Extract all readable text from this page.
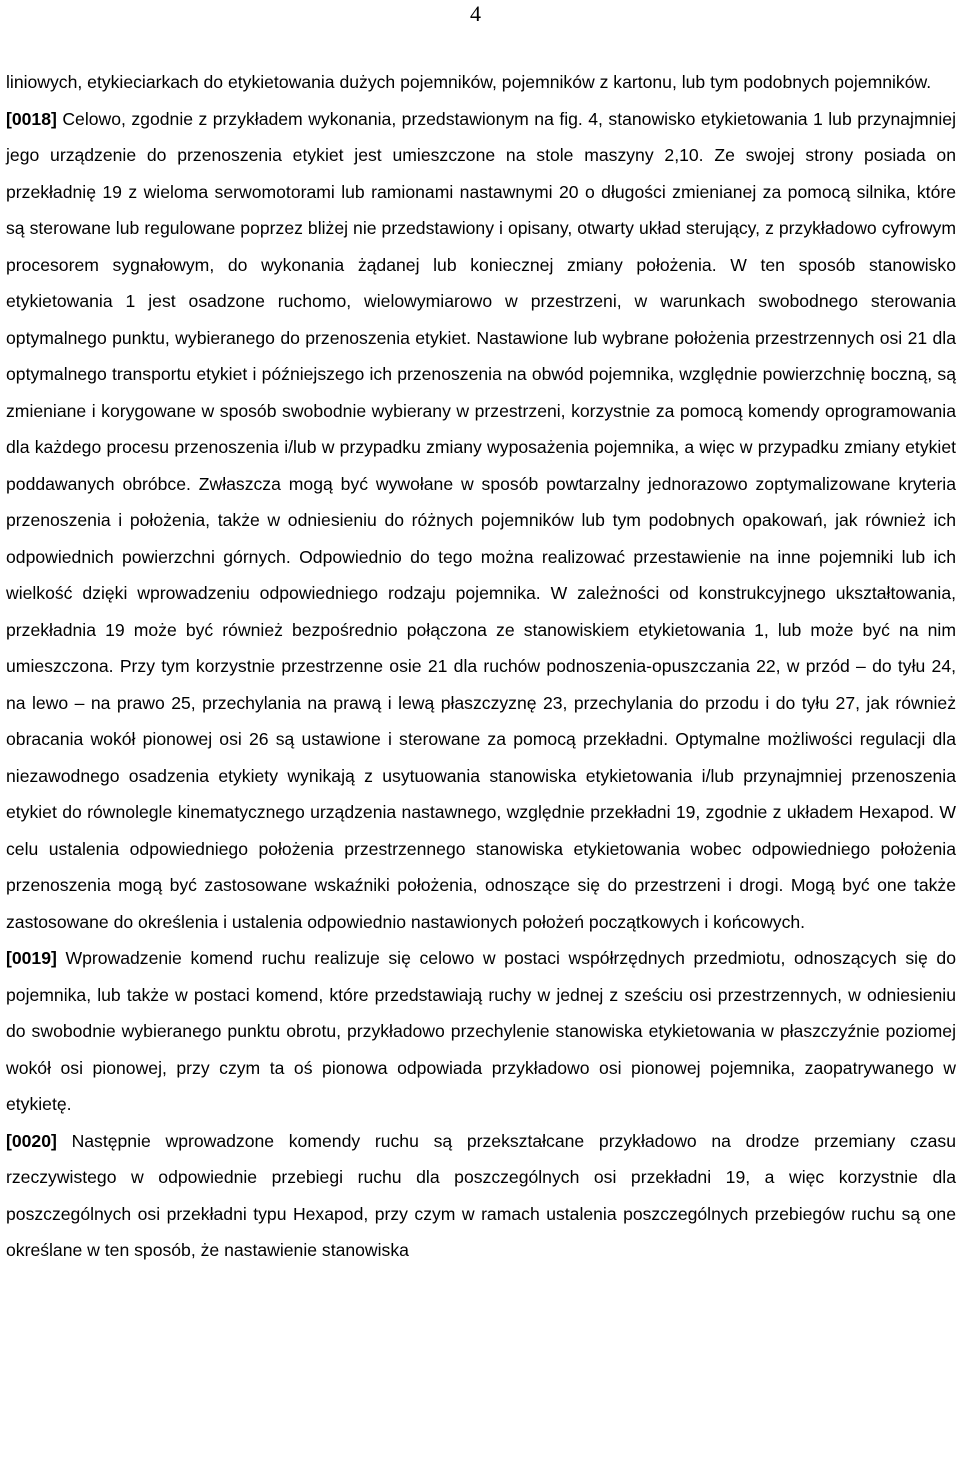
4

liniowych, etykieciarkach do etykietowania dużych pojemników, pojemników z kartonu, lub tym podobnych pojemników.

[0018] Celowo, zgodnie z przykładem wykonania, przedstawionym na fig. 4, stanowisko etykietowania 1 lub przynajmniej jego urządzenie do przenoszenia etykiet jest umieszczone na stole maszyny 2,10. Ze swojej strony posiada on przekładnię 19 z wieloma serwomotorami lub ramionami nastawnymi 20 o długości zmienianej za pomocą silnika, które są sterowane lub regulowane poprzez bliżej nie przedstawiony i opisany, otwarty układ sterujący, z przykładowo cyfrowym procesorem sygnałowym, do wykonania żądanej lub koniecznej zmiany położenia. W ten sposób stanowisko etykietowania 1 jest osadzone ruchomo, wielowymiarowo w przestrzeni, w warunkach swobodnego sterowania optymalnego punktu, wybieranego do przenoszenia etykiet. Nastawione lub wybrane położenia przestrzennych osi 21 dla optymalnego transportu etykiet i późniejszego ich przenoszenia na obwód pojemnika, względnie powierzchnię boczną, są zmieniane i korygowane w sposób swobodnie wybierany w przestrzeni, korzystnie za pomocą komendy oprogramowania dla każdego procesu przenoszenia i/lub w przypadku zmiany wyposażenia pojemnika, a więc w przypadku zmiany etykiet poddawanych obróbce. Zwłaszcza mogą być wywołane w sposób powtarzalny jednorazowo zoptymalizowane kryteria przenoszenia i położenia, także w odniesieniu do różnych pojemników lub tym podobnych opakowań, jak również ich odpowiednich powierzchni górnych. Odpowiednio do tego można realizować przestawienie na inne pojemniki lub ich wielkość dzięki wprowadzeniu odpowiedniego rodzaju pojemnika. W zależności od konstrukcyjnego ukształtowania, przekładnia 19 może być również bezpośrednio połączona ze stanowiskiem etykietowania 1, lub może być na nim umieszczona. Przy tym korzystnie przestrzenne osie 21 dla ruchów podnoszenia-opuszczania 22, w przód – do tyłu 24, na lewo – na prawo 25, przechylania na prawą i lewą płaszczyznę 23, przechylania do przodu i do tyłu 27, jak również obracania wokół pionowej osi 26 są ustawione i sterowane za pomocą przekładni. Optymalne możliwości regulacji dla niezawodnego osadzenia etykiety wynikają z usytuowania stanowiska etykietowania i/lub przynajmniej przenoszenia etykiet do równolegle kinematycznego urządzenia nastawnego, względnie przekładni 19, zgodnie z układem Hexapod. W celu ustalenia odpowiedniego położenia przestrzennego stanowiska etykietowania wobec odpowiedniego położenia przenoszenia mogą być zastosowane wskaźniki położenia, odnoszące się do przestrzeni i drogi. Mogą być one także zastosowane do określenia i ustalenia odpowiednio nastawionych położeń początkowych i końcowych.

[0019] Wprowadzenie komend ruchu realizuje się celowo w postaci współrzędnych przedmiotu, odnoszących się do pojemnika, lub także w postaci komend, które przedstawiają ruchy w jednej z sześciu osi przestrzennych, w odniesieniu do swobodnie wybieranego punktu obrotu, przykładowo przechylenie stanowiska etykietowania w płaszczyźnie poziomej wokół osi pionowej, przy czym ta oś pionowa odpowiada przykładowo osi pionowej pojemnika, zaopatrywanego w etykietę.

[0020] Następnie wprowadzone komendy ruchu są przekształcane przykładowo na drodze przemiany czasu rzeczywistego w odpowiednie przebiegi ruchu dla poszczególnych osi przekładni 19, a więc korzystnie dla poszczególnych osi przekładni typu Hexapod, przy czym w ramach ustalenia poszczególnych przebiegów ruchu są one określane w ten sposób, że nastawienie stanowiska
